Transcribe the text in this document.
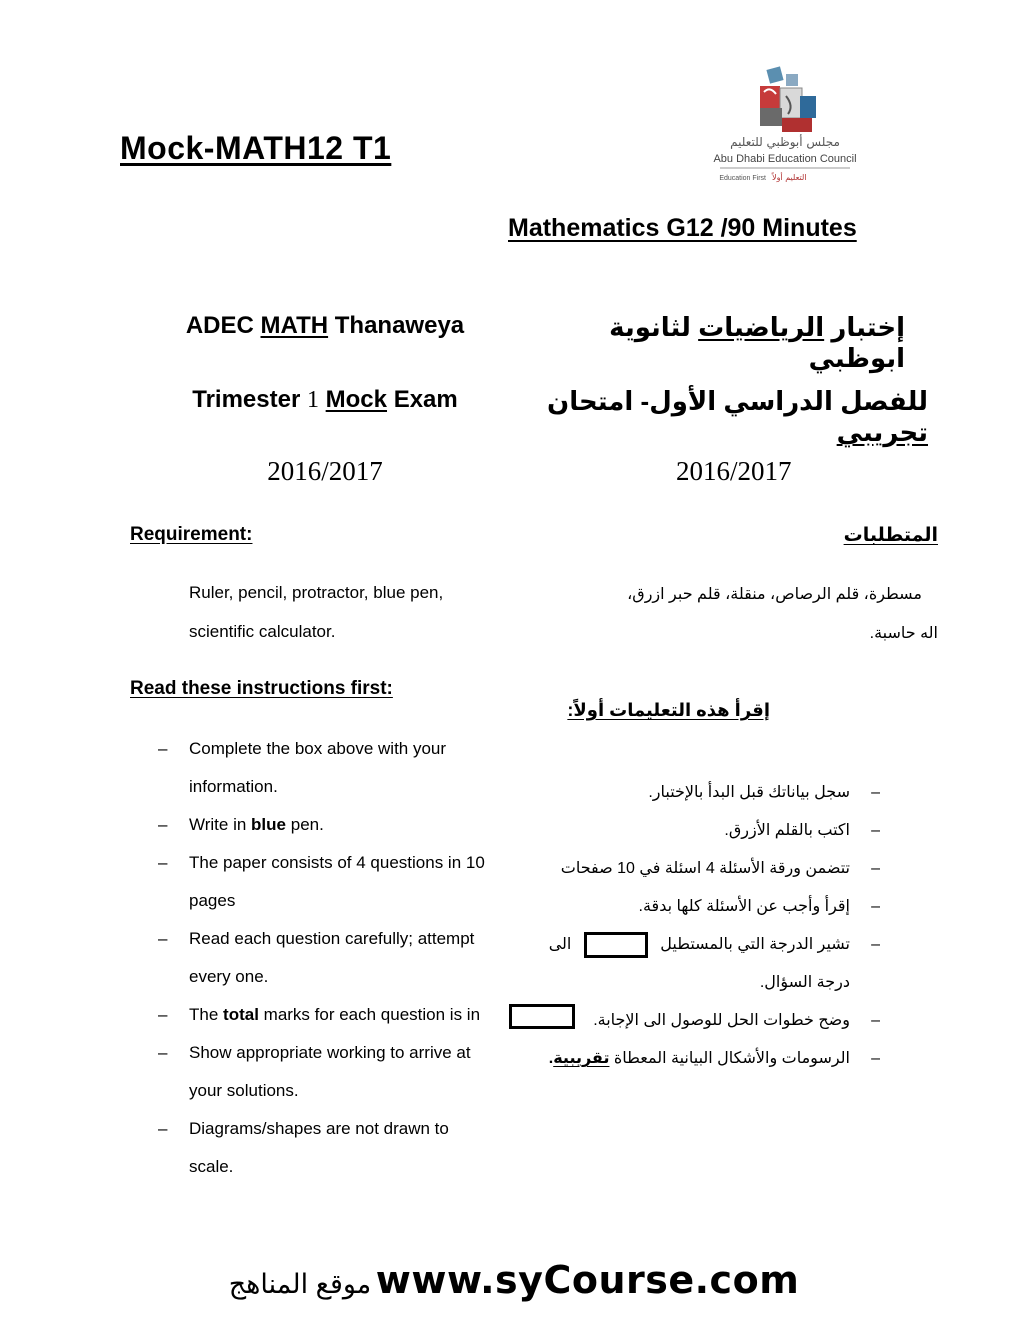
Mock-MATH12 T1	مجلس أبوظبي للتعليم
Abu Dhabi Education Council
Education First التعليم أولاً
Mathematics G12 /90 Minutes
ADEC MATH Thanaweya
Trimester 1 Mock Exam
2016/2017
إختبار الرياضيات لثانوية ابوظبي
للفصل الدراسي الأول- امتحان تجريبي
2016/2017
Requirement:	المتطلبات
Ruler, pencil, protractor, blue pen,
scientific calculator.
مسطرة، قلم الرصاص، منقلة، قلم حبر ازرق،
اله حاسبة.
Read these instructions first:
إقرأ هذه التعليمات أولاً:
– Complete the box above with your
information.
– Write in blue pen.
– The paper consists of 4 questions in 10
pages
– Read each question carefully; attempt
every one.
– The total marks for each question is in
– Show appropriate working to arrive at
your solutions.
– Diagrams/shapes are not drawn to
scale.
–
سجل بياناتك قبل البدأ بالإختبار.
–
اكتب بالقلم الأزرق.
–
تتضمن ورقة الأسئلة 4 اسئلة في 10 صفحات
–
إقرأ وأجب عن الأسئلة كلها بدقة.
–
تشير الدرجة التي بالمستطيل  الى
درجة السؤال.
–
وضح خطوات الحل للوصول الى الإجابة.
–
الرسومات والأشكال البيانية المعطاة تقريبية.
موقع المناهج www.syCourse.com
